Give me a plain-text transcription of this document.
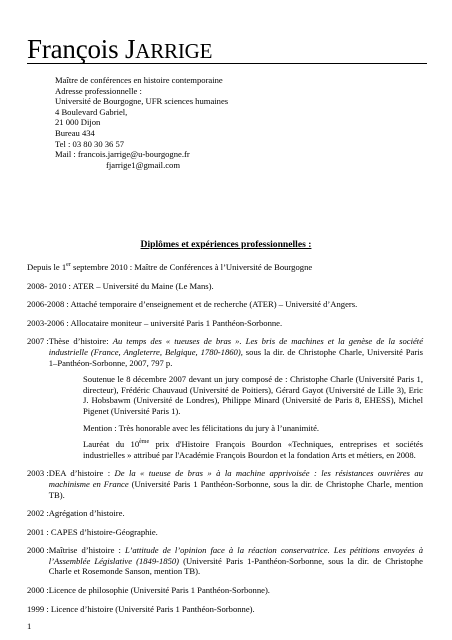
François JARRIGE
Maître de conférences en histoire contemporaine
Adresse professionnelle :
Université de Bourgogne, UFR sciences humaines
4 Boulevard Gabriel,
21 000 Dijon
Bureau 434
Tel : 03 80 30 36 57
Mail : francois.jarrige@u-bourgogne.fr
fjarrige1@gmail.com
Diplômes et expériences professionnelles :
Depuis le 1er septembre 2010 : Maître de Conférences à l’Université de Bourgogne
2008- 2010 : ATER – Université du Maine (Le Mans).
2006-2008 : Attaché temporaire d’enseignement et de recherche (ATER) – Université d’Angers.
2003-2006 : Allocataire moniteur – université Paris 1 Panthéon-Sorbonne.
2007 : Thèse d’histoire: Au temps des « tueuses de bras ». Les bris de machines et la genèse de la société industrielle (France, Angleterre, Belgique, 1780-1860), sous la dir. de Christophe Charle, Université Paris 1–Panthéon-Sorbonne, 2007, 797 p.
Soutenue le 8 décembre 2007 devant un jury composé de : Christophe Charle (Université Paris 1, directeur), Frédéric Chauvaud (Université de Poitiers), Gérard Gayot (Université de Lille 3), Eric J. Hobsbawm (Université de Londres), Philippe Minard (Université de Paris 8, EHESS), Michel Pigenet (Université Paris 1).
Mention : Très honorable avec les félicitations du jury à l’unanimité.
Lauréat du 10ème prix d'Histoire François Bourdon «Techniques, entreprises et sociétés industrielles » attribué par l'Académie François Bourdon et la fondation Arts et métiers, en 2008.
2003 : DEA d’histoire : De la « tueuse de bras » à la machine apprivoisée : les résistances ouvrières au machinisme en France (Université Paris 1 Panthéon-Sorbonne, sous la dir. de Christophe Charle, mention TB).
2002 :Agrégation d’histoire.
2001 : CAPES d’histoire-Géographie.
2000 : Maîtrise d’histoire : L’attitude de l’opinion face à la réaction conservatrice. Les pétitions envoyées à l’Assemblée Législative (1849-1850) (Université Paris 1-Panthéon-Sorbonne, sous la dir. de Christophe Charle et Rosemonde Sanson, mention TB).
2000 :Licence de philosophie (Université Paris 1 Panthéon-Sorbonne).
1999 : Licence d’histoire (Université Paris 1 Panthéon-Sorbonne).
1
